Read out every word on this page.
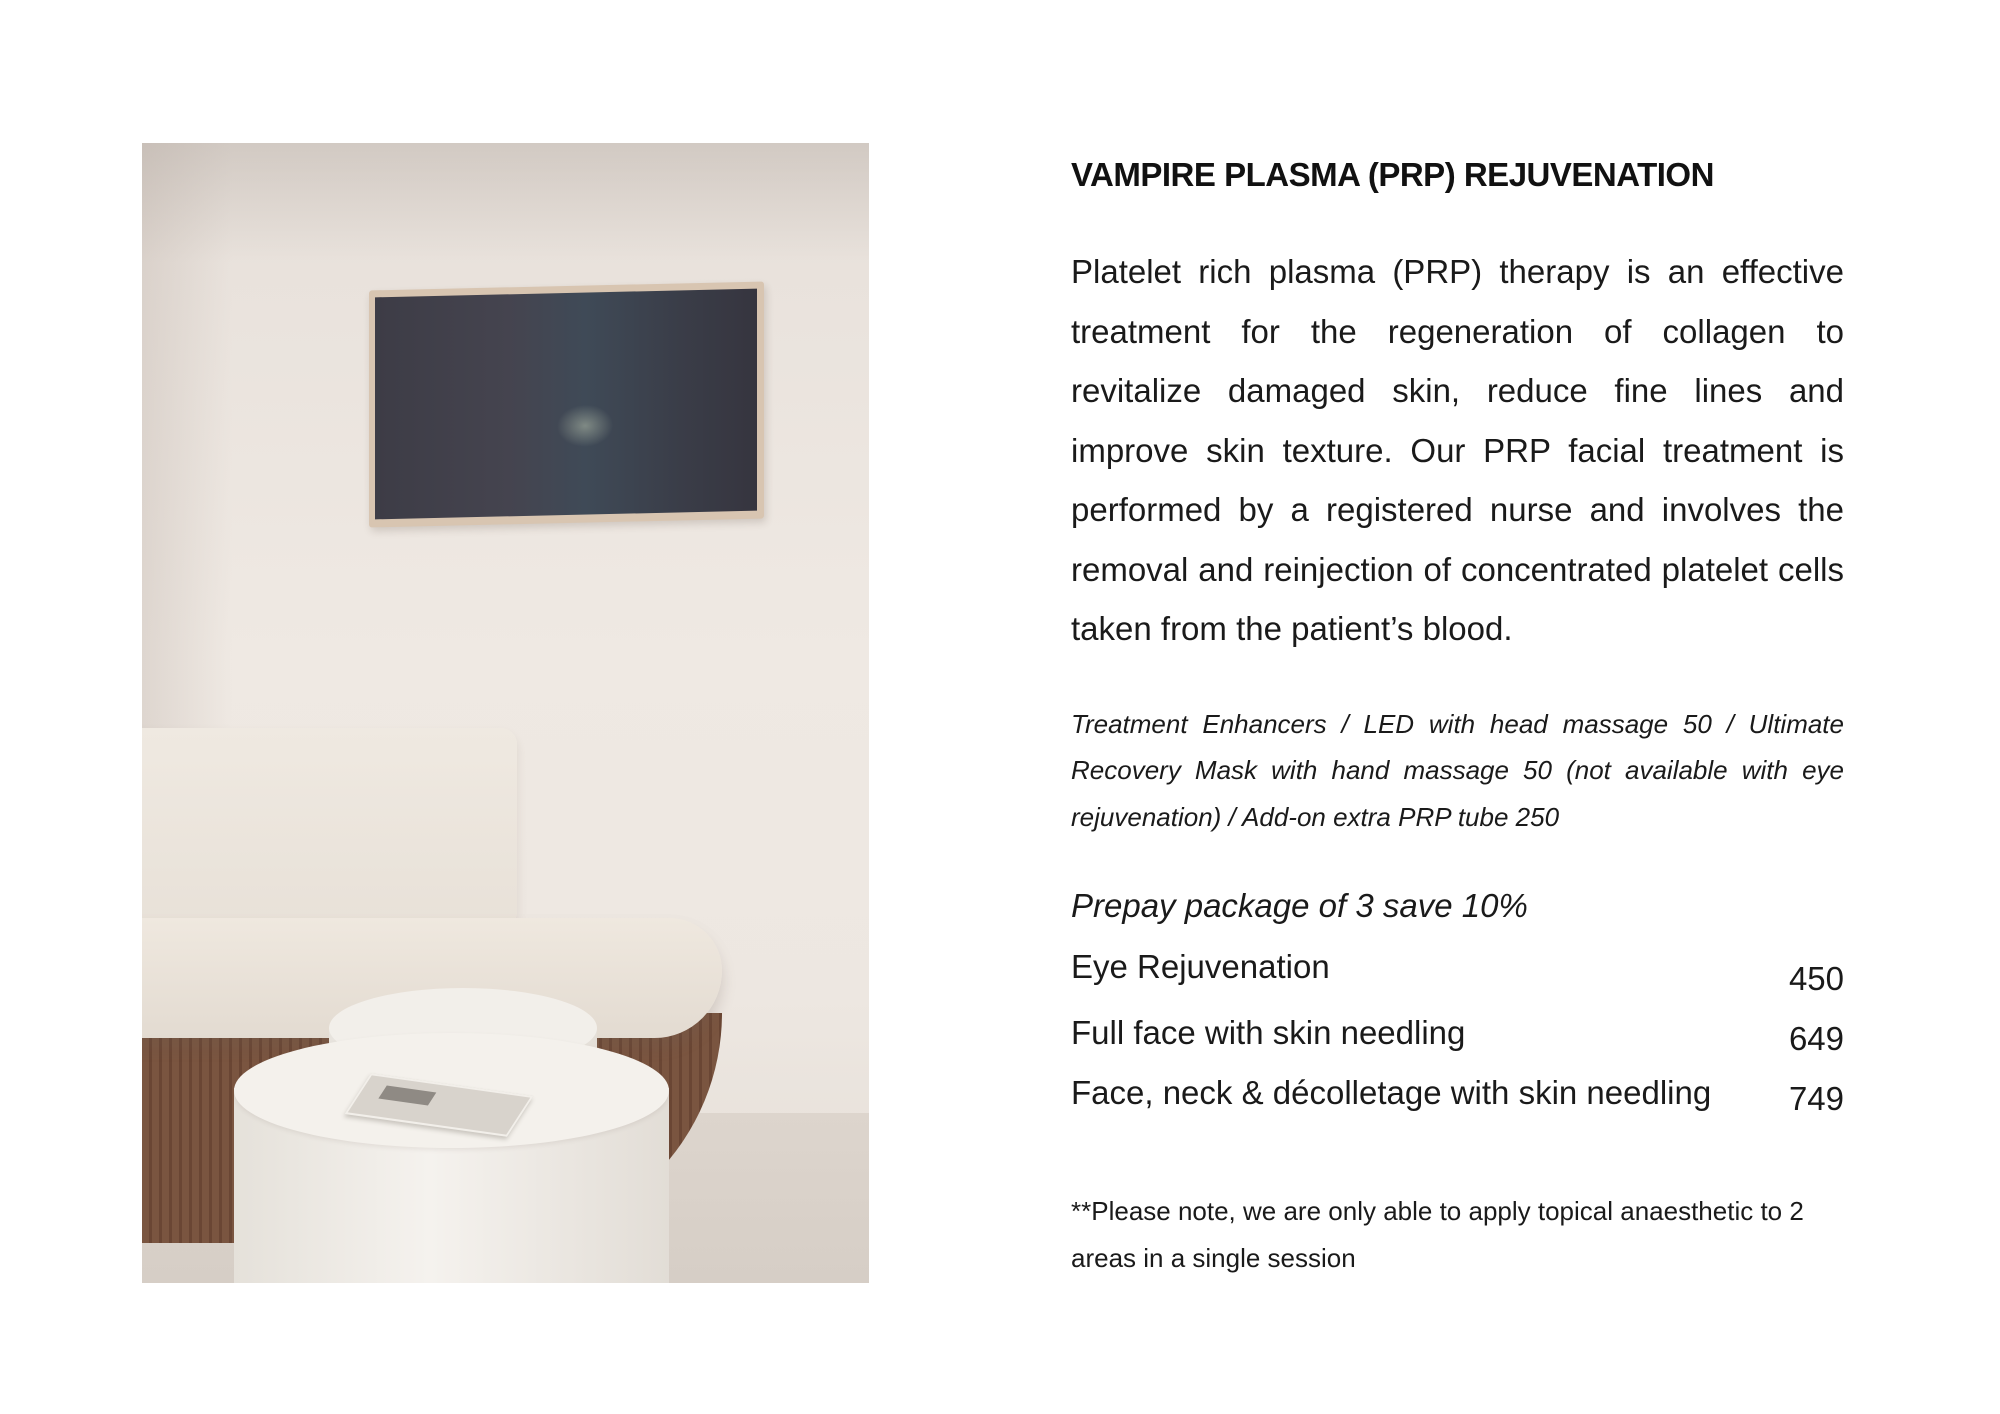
VAMPIRE PLASMA (PRP) REJUVENATION

Platelet rich plasma (PRP) therapy is an effective treatment for the regeneration of collagen to revitalize damaged skin, reduce fine lines and improve skin texture. Our PRP facial treatment is performed by a registered nurse and involves the removal and reinjection of concentrated platelet cells taken from the patient’s blood.

Treatment Enhancers / LED with head massage 50 / Ultimate Recovery Mask with hand massage 50 (not available with eye rejuvenation) / Add-on extra PRP tube 250

Prepay package of 3 save 10%
Eye Rejuvenation	450
Full face with skin needling	649
Face, neck & décolletage with skin needling 749

**Please note, we are only able to apply topical anaesthetic to 2 areas in a single session
